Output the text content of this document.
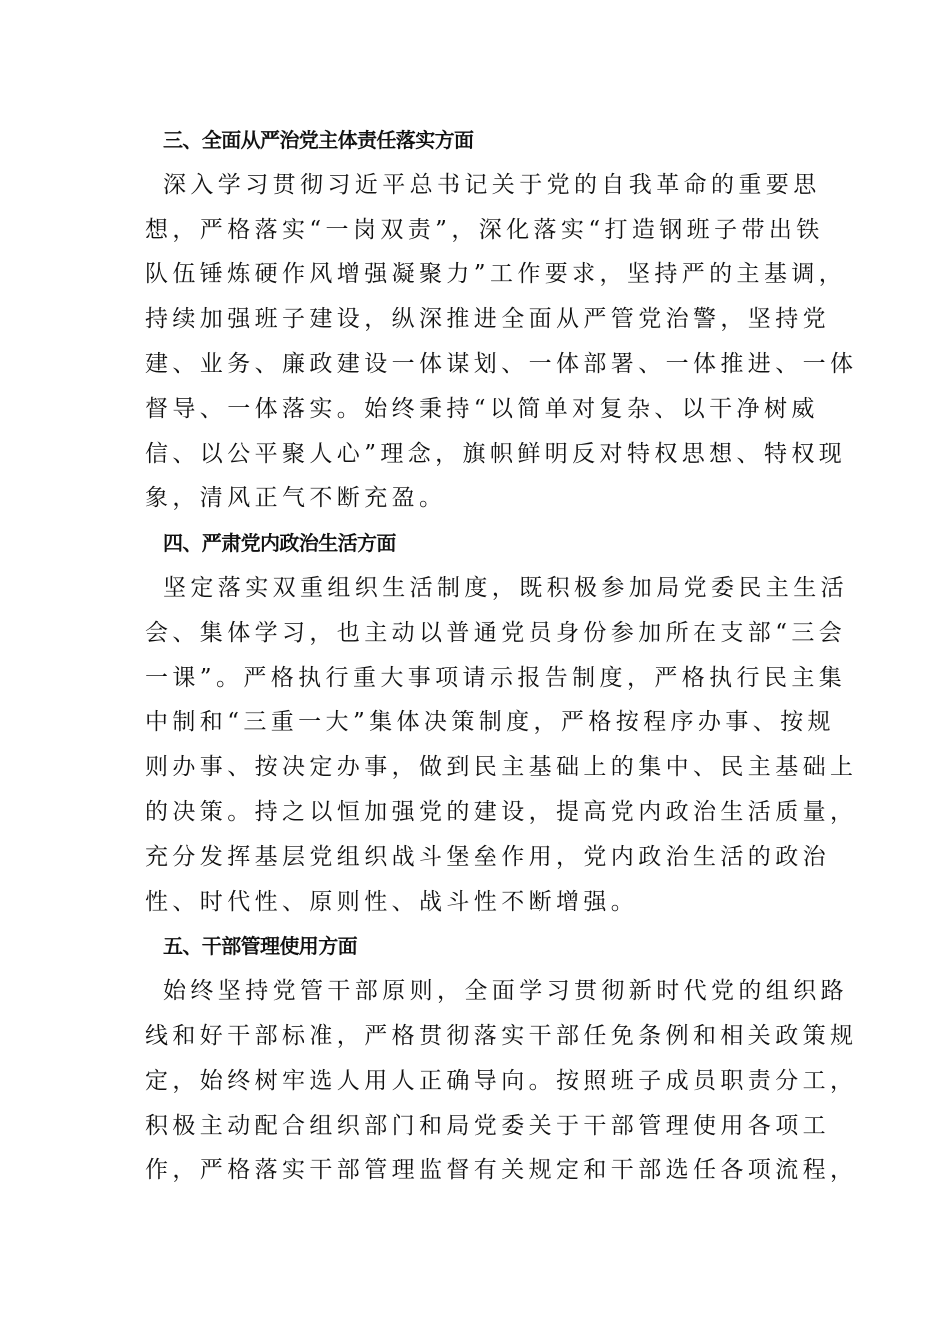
三、全面从严治党主体责任落实方面
深入学习贯彻习近平总书记关于党的自我革命的重要思
想，严格落实“一岗双责”，深化落实“打造钢班子带出铁
队伍锤炼硬作风增强凝聚力”工作要求，坚持严的主基调，
持续加强班子建设，纵深推进全面从严管党治警，坚持党
建、业务、廉政建设一体谋划、一体部署、一体推进、一体
督导、一体落实。始终秉持“以简单对复杂、以干净树威
信、以公平聚人心”理念，旗帜鲜明反对特权思想、特权现
象，清风正气不断充盈。
四、严肃党内政治生活方面
坚定落实双重组织生活制度，既积极参加局党委民主生活
会、集体学习，也主动以普通党员身份参加所在支部“三会
一课”。严格执行重大事项请示报告制度，严格执行民主集
中制和“三重一大”集体决策制度，严格按程序办事、按规
则办事、按决定办事，做到民主基础上的集中、民主基础上
的决策。持之以恒加强党的建设，提高党内政治生活质量，
充分发挥基层党组织战斗堡垒作用，党内政治生活的政治
性、时代性、原则性、战斗性不断增强。
五、干部管理使用方面
始终坚持党管干部原则，全面学习贯彻新时代党的组织路
线和好干部标准，严格贯彻落实干部任免条例和相关政策规
定，始终树牢选人用人正确导向。按照班子成员职责分工，
积极主动配合组织部门和局党委关于干部管理使用各项工
作，严格落实干部管理监督有关规定和干部选任各项流程，
